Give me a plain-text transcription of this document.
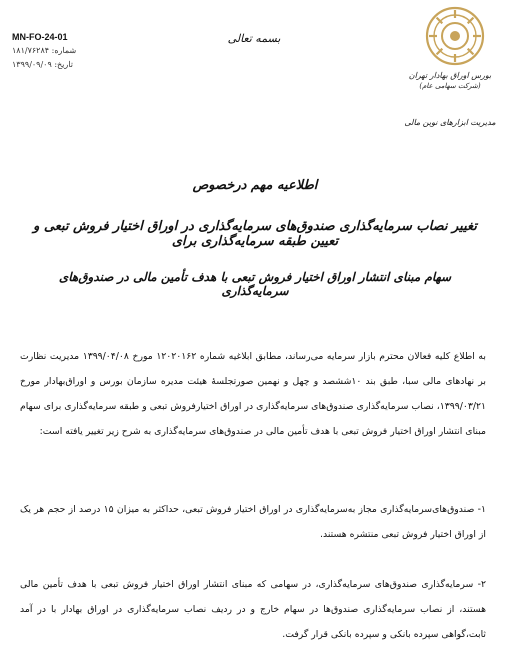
MN-FO-24-01
شماره: ۱۸۱/۷۶۲۸۴
تاریخ: ۱۳۹۹/۰۹/۰۹
بسمه تعالی
بورس اوراق بهادار تهران
(شرکت سهامی عام)
مدیریت ابزارهای نوین مالی
اطلاعیه مهم درخصوص
تغییر نصاب سرمایه‌گذاری صندوق‌های سرمایه‌گذاری در اوراق اختیار فروش تبعی و تعیین طبقه سرمایه‌گذاری برای
سهام مبنای انتشار اوراق اختیار فروش تبعی با هدف تأمین مالی در صندوق‌های سرمایه‌گذاری
به اطلاع کلیه فعالان محترم بازار سرمایه می‌رساند، مطابق ابلاغیه شماره ۱۲۰۲۰۱۶۲ مورخ ۱۳۹۹/۰۴/۰۸ مدیریت نظارت بر نهادهای مالی سبا، طبق بند ۱۰ششصد و چهل و نهمین صورتجلسهٔ هیئت مدیره سازمان بورس و اوراق‌بهادار مورخ ۱۳۹۹/۰۳/۲۱، نصاب سرمایه‌گذاری صندوق‌های سرمایه‌گذاری در اوراق اختیارفروش تبعی و طبقه سرمایه‌گذاری برای سهام مبنای انتشار اوراق اختیار فروش تبعی با هدف تأمین مالی در صندوق‌های سرمایه‌گذاری به شرح زیر تغییر یافته است:
۱- صندوق‌های‌سرمایه‌گذاری مجاز به‌سرمایه‌گذاری در اوراق اختیار فروش تبعی، حداکثر به میزان ۱۵ درصد از حجم هر یک از اوراق اختیار فروش تبعی منتشره هستند.
۲- سرمایه‌گذاری صندوق‌های سرمایه‌گذاری، در سهامی که مبنای انتشار اوراق اختیار فروش تبعی با هدف تأمین مالی هستند، از نصاب سرمایه‌گذاری صندوق‌ها در سهام خارج و در ردیف نصاب سرمایه‌گذاری در اوراق بهادار با در آمد ثابت،گواهی سپرده بانکی و سپرده بانکی قرار گرفت.
